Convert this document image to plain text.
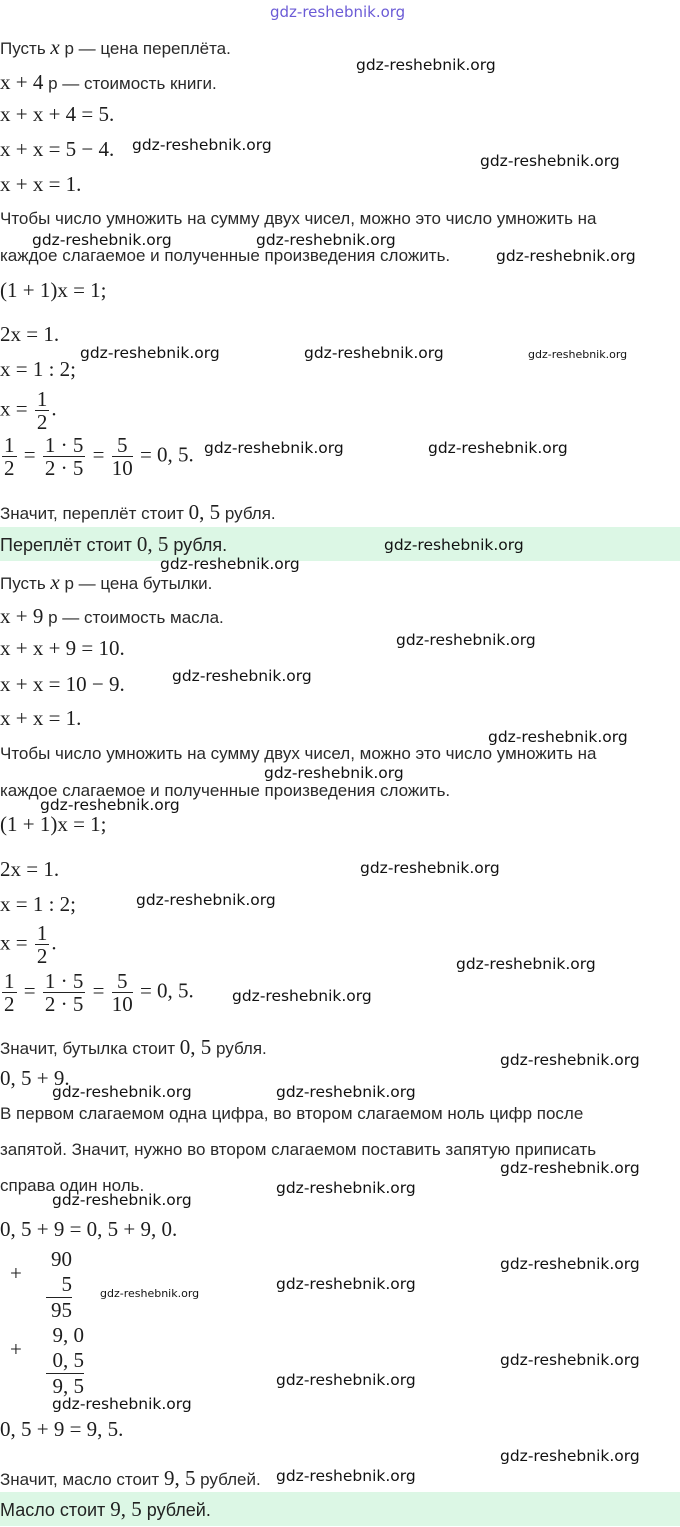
gdz-reshebnik.org
Пусть x р — цена переплёта.
x + 4 р — стоимость книги.
x + x + 4 = 5.
x + x = 5 − 4.
x + x = 1.
Чтобы число умножить на сумму двух чисел, можно это число умножить на
каждое слагаемое и полученные произведения сложить.
(1 + 1)x = 1;
2x = 1.
x = 1 : 2;
$x = \frac{1}{2}$ .
$\frac{1}{2} = \frac{1 \cdot 5}{2 \cdot 5} = \frac{5}{10} = 0$, 5.
Значит, переплёт стоит 0, 5 рубля.
Переплёт стоит 0, 5 рубля.
Пусть x р — цена бутылки.
x + 9 р — стоимость масла.
x + x + 9 = 10.
x + x = 10 − 9.
x + x = 1.
Чтобы число умножить на сумму двух чисел, можно это число умножить на
каждое слагаемое и полученные произведения сложить.
(1 + 1)x = 1;
2x = 1.
x = 1 : 2;
$x = \frac{1}{2}$ .
$\frac{1}{2} = \frac{1 \cdot 5}{2 \cdot 5} = \frac{5}{10} = 0$, 5.
Значит, бутылка стоит 0, 5 рубля.
0, 5 + 9.
В первом слагаемом одна цифра, во втором слагаемом ноль цифр после
запятой. Значит, нужно во втором слагаемом поставить запятую приписать
справа один ноль.
0, 5 + 9 = 0, 5 + 9, 0.
+
90
5
95
+
9, 0
0, 5
9, 5
0, 5 + 9 = 9, 5.
Значит, масло стоит 9, 5 рублей.
Масло стоит 9, 5 рублей.
gdz-reshebnik.org
gdz-reshebnik.org
gdz-reshebnik.org
gdz-reshebnik.org	gdz-reshebnik.org
gdz-reshebnik.org
gdz-reshebnik.org	gdz-reshebnik.org	gdz-reshebnik.org
gdz-reshebnik.org	gdz-reshebnik.org
gdz-reshebnik.org
gdz-reshebnik.org
gdz-reshebnik.org
gdz-reshebnik.org
gdz-reshebnik.org
gdz-reshebnik.org
gdz-reshebnik.org
gdz-reshebnik.org
gdz-reshebnik.org
gdz-reshebnik.org
gdz-reshebnik.org
gdz-reshebnik.org
gdz-reshebnik.org	gdz-reshebnik.org
gdz-reshebnik.org
gdz-reshebnik.org
gdz-reshebnik.org
gdz-reshebnik.org
gdz-reshebnik.org
gdz-reshebnik.org
gdz-reshebnik.org
gdz-reshebnik.org
gdz-reshebnik.org
gdz-reshebnik.org
gdz-reshebnik.org
